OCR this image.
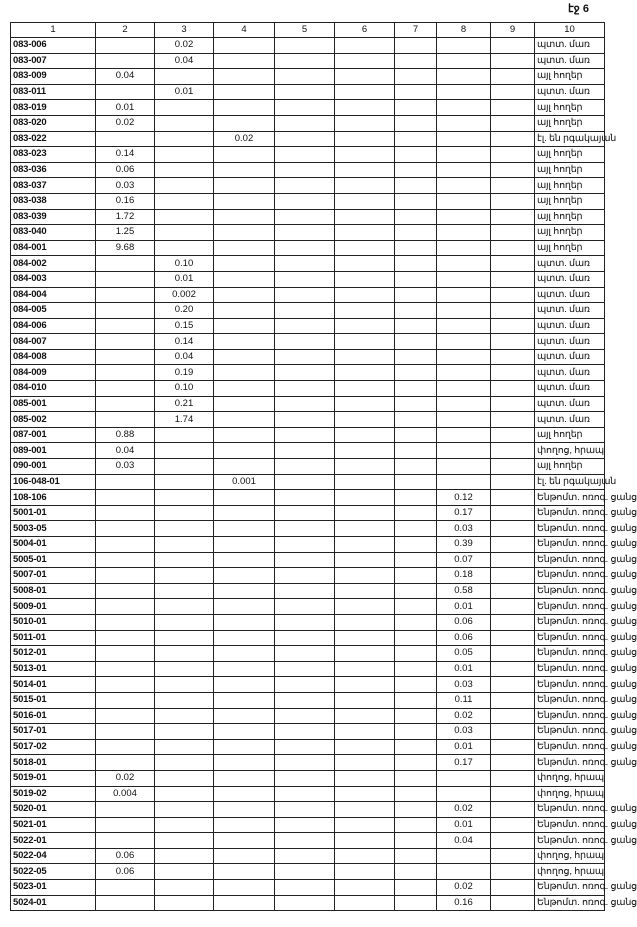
էջ 6
1	2	3	4	5	6	7	8	9	10
083-006		0.02							պտտ. մառ
083-007		0.04							պտտ. մառ
083-009	0.04								այլ հողեր
083-011		0.01							պտտ. մառ
083-019	0.01								այլ հողեր
083-020	0.02								այլ հողեր
083-022			0.02						էլ. են րգակայան
083-023	0.14								այլ հողեր
083-036	0.06								այլ հողեր
083-037	0.03								այլ հողեր
083-038	0.16								այլ հողեր
083-039	1.72								այլ հողեր
083-040	1.25								այլ հողեր
084-001	9.68								այլ հողեր
084-002		0.10							պտտ. մառ
084-003		0.01							պտտ. մառ
084-004		0.002							պտտ. մառ
084-005		0.20							պտտ. մառ
084-006		0.15							պտտ. մառ
084-007		0.14							պտտ. մառ
084-008		0.04							պտտ. մառ
084-009		0.19							պտտ. մառ
084-010		0.10							պտտ. մառ
085-001		0.21							պտտ. մառ
085-002		1.74							պտտ. մառ
087-001	0.88								այլ հողեր
089-001	0.04								փողոց, հրապ
090-001	0.03								այլ հողեր
106-048-01			0.001						էլ. են րգակայան
108-106							0.12		Ենթոմտ. ոռոգ. ցանց
5001-01							0.17		Ենթոմտ. ոռոգ. ցանց
5003-05							0.03		Ենթոմտ. ոռոգ. ցանց
5004-01							0.39		Ենթոմտ. ոռոգ. ցանց
5005-01							0.07		Ենթոմտ. ոռոգ. ցանց
5007-01							0.18		Ենթոմտ. ոռոգ. ցանց
5008-01							0.58		Ենթոմտ. ոռոգ. ցանց
5009-01							0.01		Ենթոմտ. ոռոգ. ցանց
5010-01							0.06		Ենթոմտ. ոռոգ. ցանց
5011-01							0.06		Ենթոմտ. ոռոգ. ցանց
5012-01							0.05		Ենթոմտ. ոռոգ. ցանց
5013-01							0.01		Ենթոմտ. ոռոգ. ցանց
5014-01							0.03		Ենթոմտ. ոռոգ. ցանց
5015-01							0.11		Ենթոմտ. ոռոգ. ցանց
5016-01							0.02		Ենթոմտ. ոռոգ. ցանց
5017-01							0.03		Ենթոմտ. ոռոգ. ցանց
5017-02							0.01		Ենթոմտ. ոռոգ. ցանց
5018-01							0.17		Ենթոմտ. ոռոգ. ցանց
5019-01	0.02								փողոց, հրապ
5019-02	0.004								փողոց, հրապ
5020-01							0.02		Ենթոմտ. ոռոգ. ցանց
5021-01							0.01		Ենթոմտ. ոռոգ. ցանց
5022-01							0.04		Ենթոմտ. ոռոգ. ցանց
5022-04	0.06								փողոց, հրապ
5022-05	0.06								փողոց, հրապ
5023-01							0.02		Ենթոմտ. ոռոգ. ցանց
5024-01							0.16		Ենթոմտ. ոռոգ. ցանց
